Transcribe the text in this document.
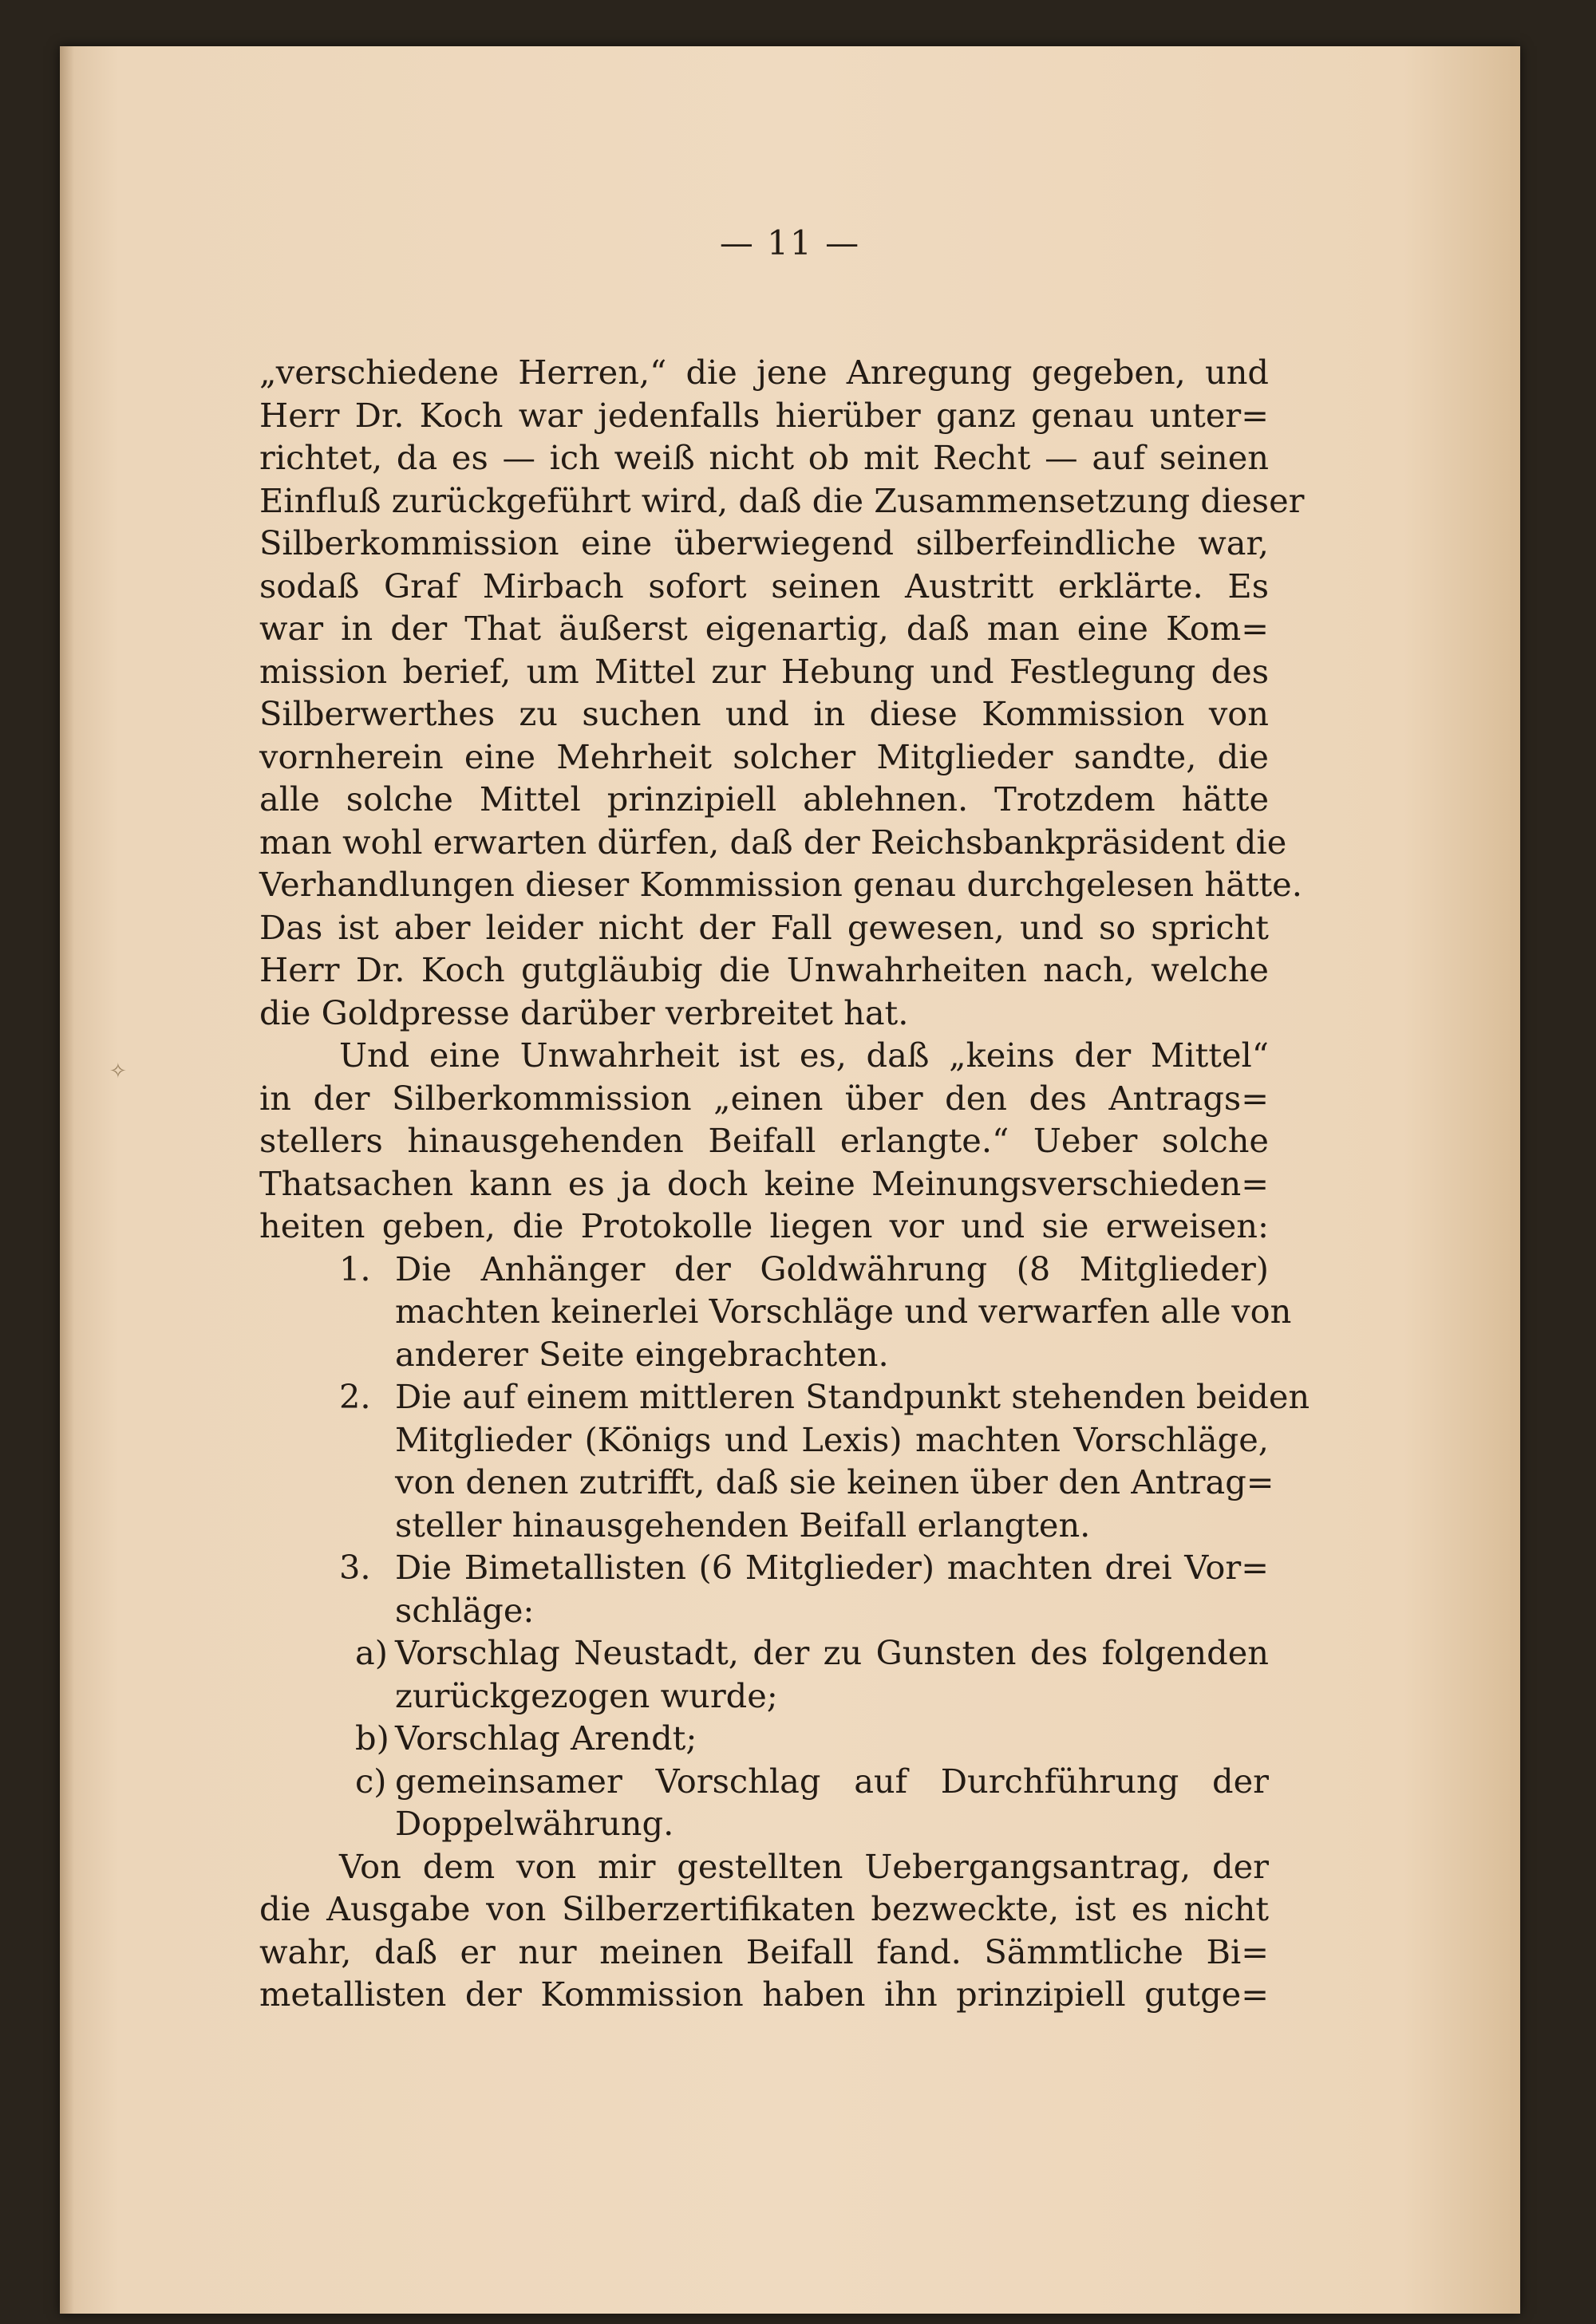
✧
— 11 —
„verschiedene Herren,“ die jene Anregung gegeben, und
Herr Dr. Koch war jedenfalls hierüber ganz genau unter=
richtet, da es — ich weiß nicht ob mit Recht — auf seinen
Einfluß zurückgeführt wird, daß die Zusammensetzung dieser
Silberkommission eine überwiegend silberfeindliche war,
sodaß Graf Mirbach sofort seinen Austritt erklärte. Es
war in der That äußerst eigenartig, daß man eine Kom=
mission berief, um Mittel zur Hebung und Festlegung des
Silberwerthes zu suchen und in diese Kommission von
vornherein eine Mehrheit solcher Mitglieder sandte, die
alle solche Mittel prinzipiell ablehnen. Trotzdem hätte
man wohl erwarten dürfen, daß der Reichsbankpräsident die
Verhandlungen dieser Kommission genau durchgelesen hätte.
Das ist aber leider nicht der Fall gewesen, und so spricht
Herr Dr. Koch gutgläubig die Unwahrheiten nach, welche
die Goldpresse darüber verbreitet hat.
Und eine Unwahrheit ist es, daß „keins der Mittel“
in der Silberkommission „einen über den des Antrags=
stellers hinausgehenden Beifall erlangte.“ Ueber solche
Thatsachen kann es ja doch keine Meinungsverschieden=
heiten geben, die Protokolle liegen vor und sie erweisen:
1. Die Anhänger der Goldwährung (8 Mitglieder)
machten keinerlei Vorschläge und verwarfen alle von
anderer Seite eingebrachten.
2. Die auf einem mittleren Standpunkt stehenden beiden
Mitglieder (Königs und Lexis) machten Vorschläge,
von denen zutrifft, daß sie keinen über den Antrag=
steller hinausgehenden Beifall erlangten.
3. Die Bimetallisten (6 Mitglieder) machten drei Vor=
schläge:
a) Vorschlag Neustadt, der zu Gunsten des folgenden
zurückgezogen wurde;
b) Vorschlag Arendt;
c) gemeinsamer Vorschlag auf Durchführung der
Doppelwährung.
Von dem von mir gestellten Uebergangsantrag, der
die Ausgabe von Silberzertifikaten bezweckte, ist es nicht
wahr, daß er nur meinen Beifall fand. Sämmtliche Bi=
metallisten der Kommission haben ihn prinzipiell gutge=
